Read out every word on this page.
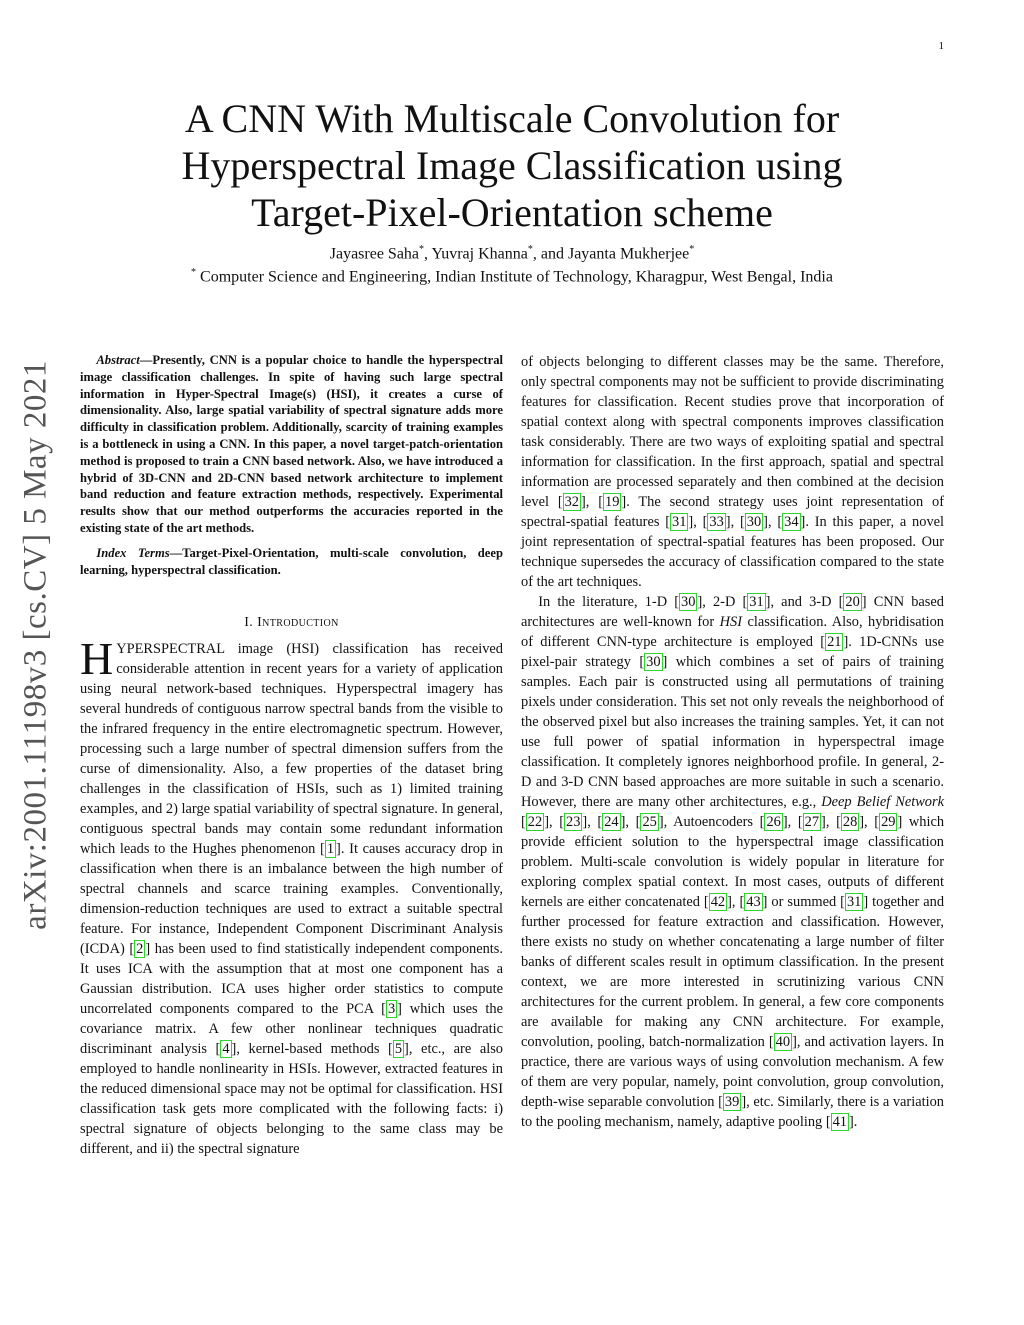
1
arXiv:2001.11198v3 [cs.CV] 5 May 2021
A CNN With Multiscale Convolution for
Hyperspectral Image Classification using
Target-Pixel-Orientation scheme
Jayasree Saha*, Yuvraj Khanna*, and Jayanta Mukherjee*
* Computer Science and Engineering, Indian Institute of Technology, Kharagpur, West Bengal, India

Abstract—Presently, CNN is a popular choice to handle the hyperspectral image classification challenges. In spite of having such large spectral information in Hyper-Spectral Image(s) (HSI), it creates a curse of dimensionality. Also, large spatial variability of spectral signature adds more difficulty in classification problem. Additionally, scarcity of training examples is a bottleneck in using a CNN. In this paper, a novel target-patch-orientation method is proposed to train a CNN based network. Also, we have introduced a hybrid of 3D-CNN and 2D-CNN based network architecture to implement band reduction and feature extraction methods, respectively. Experimental results show that our method outperforms the accuracies reported in the existing state of the art methods.

Index Terms—Target-Pixel-Orientation, multi-scale convolution, deep learning, hyperspectral classification.

I. Introduction

HYPERSPECTRAL image (HSI) classification has received considerable attention in recent years for a variety of application using neural network-based techniques. Hyperspectral imagery has several hundreds of contiguous narrow spectral bands from the visible to the infrared frequency in the entire electromagnetic spectrum. However, processing such a large number of spectral dimension suffers from the curse of dimensionality. Also, a few properties of the dataset bring challenges in the classification of HSIs, such as 1) limited training examples, and 2) large spatial variability of spectral signature. In general, contiguous spectral bands may contain some redundant information which leads to the Hughes phenomenon [ 1 ]. It causes accuracy drop in classification when there is an imbalance between the high number of spectral channels and scarce training examples. Conventionally, dimension-reduction techniques are used to extract a suitable spectral feature. For instance, Independent Component Discriminant Analysis (ICDA) [ 2 ] has been used to find statistically independent components. It uses ICA with the assumption that at most one component has a Gaussian distribution. ICA uses higher order statistics to compute uncorrelated components compared to the PCA [ 3 ] which uses the covariance matrix. A few other nonlinear techniques quadratic discriminant analysis [ 4 ], kernel-based methods [ 5 ], etc., are also employed to handle nonlinearity in HSIs. However, extracted features in the reduced dimensional space may not be optimal for classification. HSI classification task gets more complicated with the following facts: i) spectral signature of objects belonging to the same class may be different, and ii) the spectral signature

of objects belonging to different classes may be the same. Therefore, only spectral components may not be sufficient to provide discriminating features for classification. Recent studies prove that incorporation of spatial context along with spectral components improves classification task considerably. There are two ways of exploiting spatial and spectral information for classification. In the first approach, spatial and spectral information are processed separately and then combined at the decision level [ 32 ], [ 19 ]. The second strategy uses joint representation of spectral-spatial features [ 31 ], [ 33 ], [ 30 ], [ 34 ]. In this paper, a novel joint representation of spectral-spatial features has been proposed. Our technique supersedes the accuracy of classification compared to the state of the art techniques.

In the literature, 1-D [ 30 ], 2-D [ 31 ], and 3-D [ 20 ] CNN based architectures are well-known for HSI classification. Also, hybridisation of different CNN-type architecture is employed [ 21 ]. 1D-CNNs use pixel-pair strategy [ 30 ] which combines a set of pairs of training samples. Each pair is constructed using all permutations of training pixels under consideration. This set not only reveals the neighborhood of the observed pixel but also increases the training samples. Yet, it can not use full power of spatial information in hyperspectral image classification. It completely ignores neighborhood profile. In general, 2-D and 3-D CNN based approaches are more suitable in such a scenario. However, there are many other architectures, e.g., Deep Belief Network [ 22 ], [ 23 ], [ 24 ], [ 25 ], Autoencoders [ 26 ], [ 27 ], [ 28 ], [ 29 ] which provide efficient solution to the hyperspectral image classification problem. Multi-scale convolution is widely popular in literature for exploring complex spatial context. In most cases, outputs of different kernels are either concatenated [ 42 ], [ 43 ] or summed [ 31 ] together and further processed for feature extraction and classification. However, there exists no study on whether concatenating a large number of filter banks of different scales result in optimum classification. In the present context, we are more interested in scrutinizing various CNN architectures for the current problem. In general, a few core components are available for making any CNN architecture. For example, convolution, pooling, batch-normalization [ 40 ], and activation layers. In practice, there are various ways of using convolution mechanism. A few of them are very popular, namely, point convolution, group convolution, depth-wise separable convolution [ 39 ], etc. Similarly, there is a variation to the pooling mechanism, namely, adaptive pooling [ 41 ].
